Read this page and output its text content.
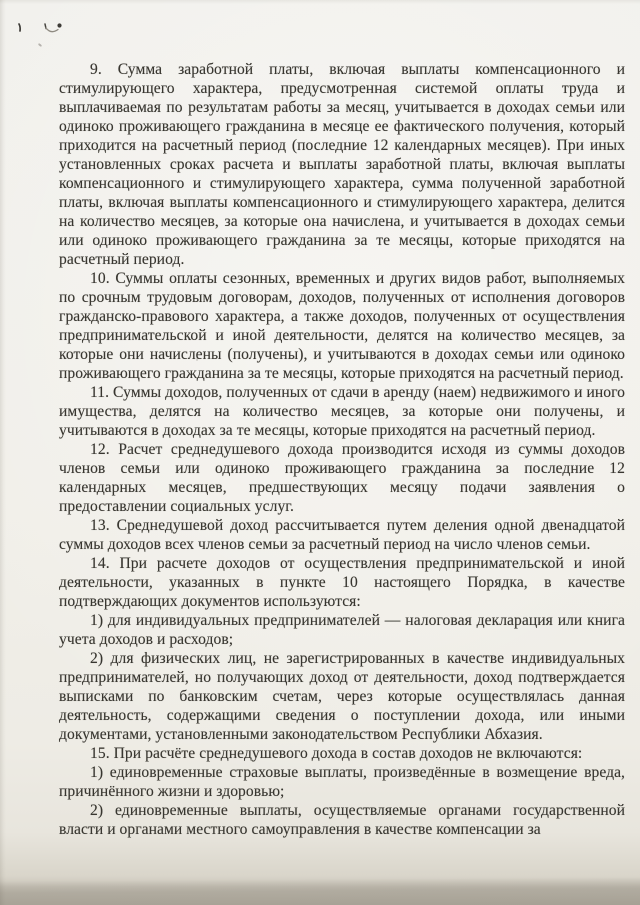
9. Сумма заработной платы, включая выплаты компенсационного и стимулирующего характера, предусмотренная системой оплаты труда и выплачиваемая по результатам работы за месяц, учитывается в доходах семьи или одиноко проживающего гражданина в месяце ее фактического получения, который приходится на расчетный период (последние 12 календарных месяцев). При иных установленных сроках расчета и выплаты заработной платы, включая выплаты компенсационного и стимулирующего характера, сумма полученной заработной платы, включая выплаты компенсационного и стимулирующего характера, делится на количество месяцев, за которые она начислена, и учитывается в доходах семьи или одиноко проживающего гражданина за те месяцы, которые приходятся на расчетный период.

10. Суммы оплаты сезонных, временных и других видов работ, выполняемых по срочным трудовым договорам, доходов, полученных от исполнения договоров гражданско-правового характера, а также доходов, полученных от осуществления предпринимательской и иной деятельности, делятся на количество месяцев, за которые они начислены (получены), и учитываются в доходах семьи или одиноко проживающего гражданина за те месяцы, которые приходятся на расчетный период.

11. Суммы доходов, полученных от сдачи в аренду (наем) недвижимого и иного имущества, делятся на количество месяцев, за которые они получены, и учитываются в доходах за те месяцы, которые приходятся на расчетный период.

12. Расчет среднедушевого дохода производится исходя из суммы доходов членов семьи или одиноко проживающего гражданина за последние 12 календарных месяцев, предшествующих месяцу подачи заявления о предоставлении социальных услуг.

13. Среднедушевой доход рассчитывается путем деления одной двенадцатой суммы доходов всех членов семьи за расчетный период на число членов семьи.

14. При расчете доходов от осуществления предпринимательской и иной деятельности, указанных в пункте 10 настоящего Порядка, в качестве подтверждающих документов используются:

1) для индивидуальных предпринимателей — налоговая декларация или книга учета доходов и расходов;

2) для физических лиц, не зарегистрированных в качестве индивидуальных предпринимателей, но получающих доход от деятельности, доход подтверждается выписками по банковским счетам, через которые осуществлялась данная деятельность, содержащими сведения о поступлении дохода, или иными документами, установленными законодательством Республики Абхазия.

15. При расчёте среднедушевого дохода в состав доходов не включаются:

1) единовременные страховые выплаты, произведённые в возмещение вреда, причинённого жизни и здоровью;

2) единовременные выплаты, осуществляемые органами государственной власти и органами местного самоуправления в качестве компенсации за
